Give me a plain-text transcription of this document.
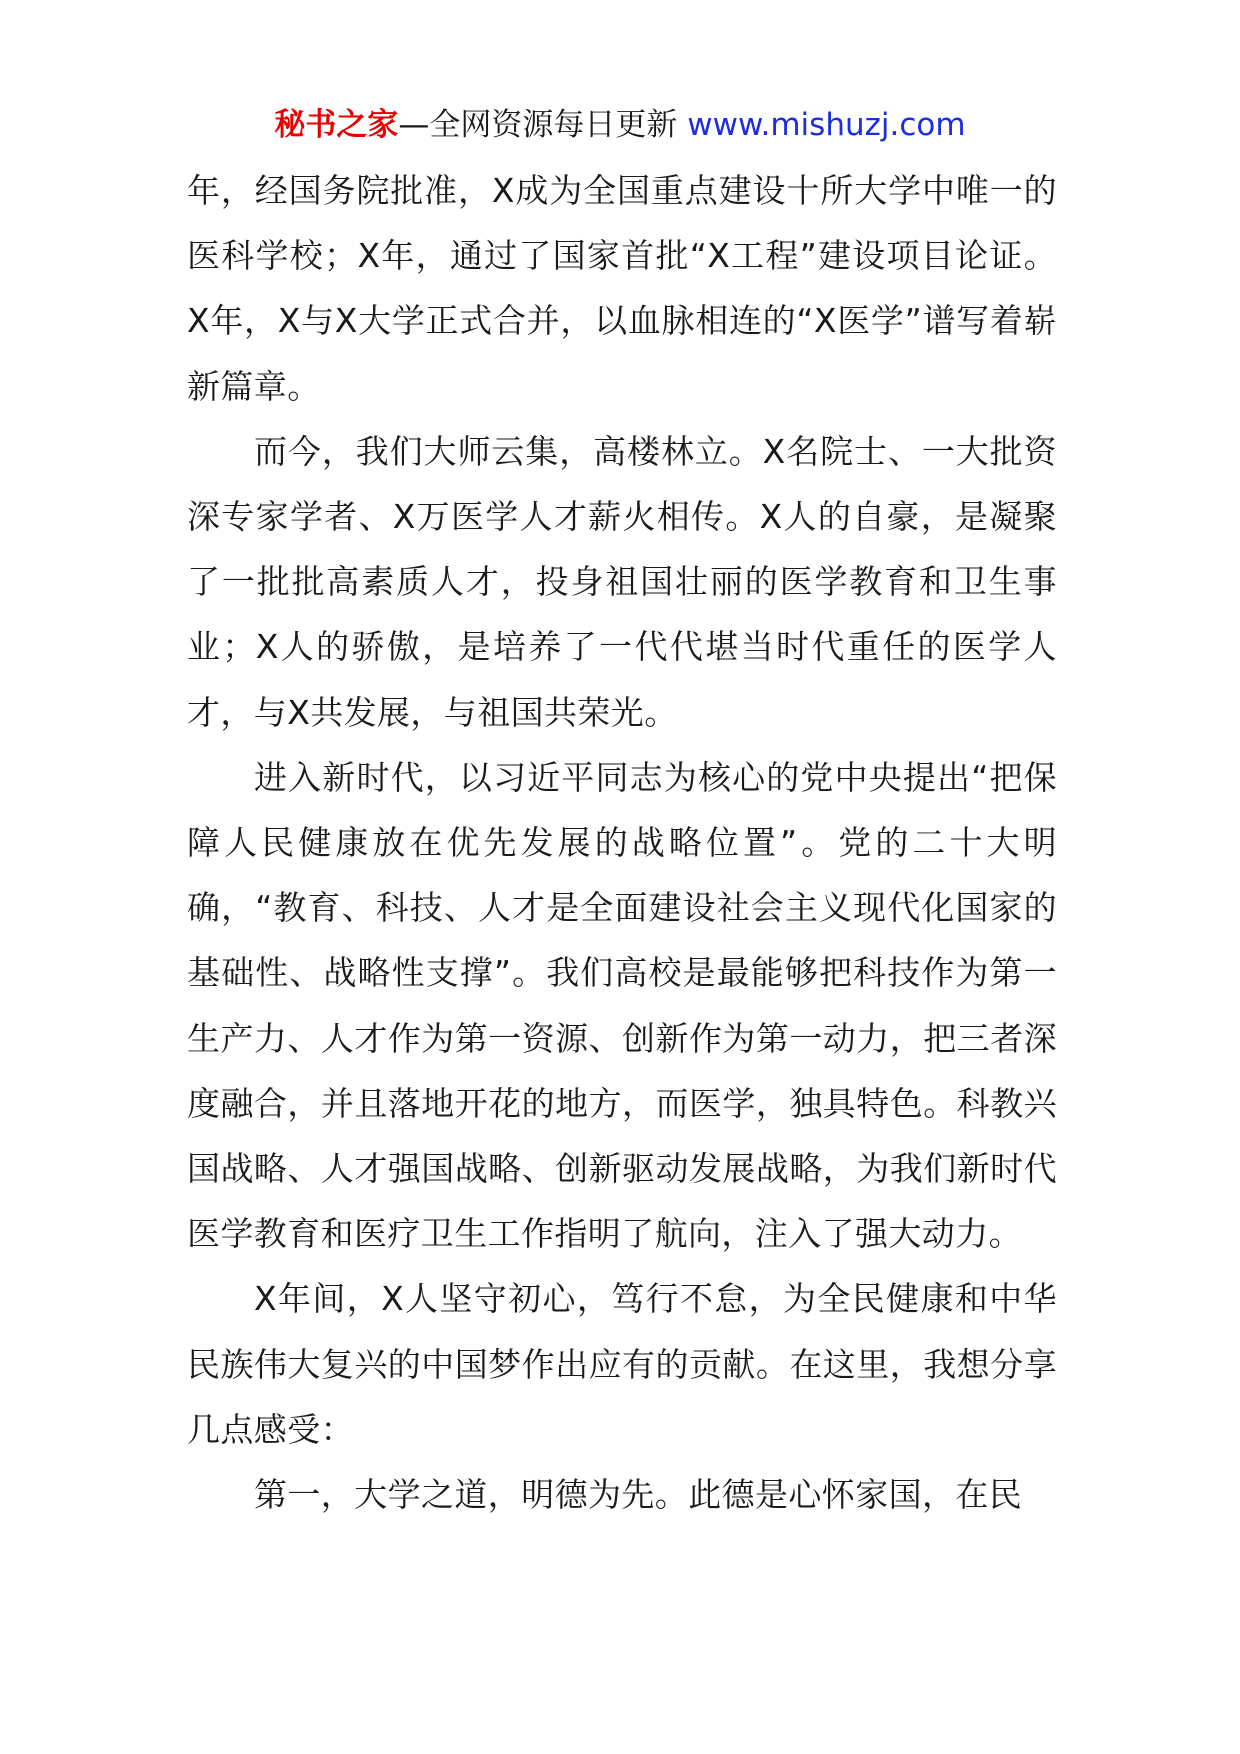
秘书之家—全网资源每日更新 www.mishuzj.com

年，经国务院批准，X成为全国重点建设十所大学中唯一的医科学校；X年，通过了国家首批“X工程”建设项目论证。X年，X与X大学正式合并，以血脉相连的“X医学”谱写着崭新篇章。

而今，我们大师云集，高楼林立。X名院士、一大批资深专家学者、X万医学人才薪火相传。X人的自豪，是凝聚了一批批高素质人才，投身祖国壮丽的医学教育和卫生事业；X人的骄傲，是培养了一代代堪当时代重任的医学人才，与X共发展，与祖国共荣光。

进入新时代，以习近平同志为核心的党中央提出“把保障人民健康放在优先发展的战略位置”。党的二十大明确，“教育、科技、人才是全面建设社会主义现代化国家的基础性、战略性支撑”。我们高校是最能够把科技作为第一生产力、人才作为第一资源、创新作为第一动力，把三者深度融合，并且落地开花的地方，而医学，独具特色。科教兴国战略、人才强国战略、创新驱动发展战略，为我们新时代医学教育和医疗卫生工作指明了航向，注入了强大动力。

X年间，X人坚守初心，笃行不怠，为全民健康和中华民族伟大复兴的中国梦作出应有的贡献。在这里，我想分享几点感受：

第一，大学之道，明德为先。此德是心怀家国，在民
